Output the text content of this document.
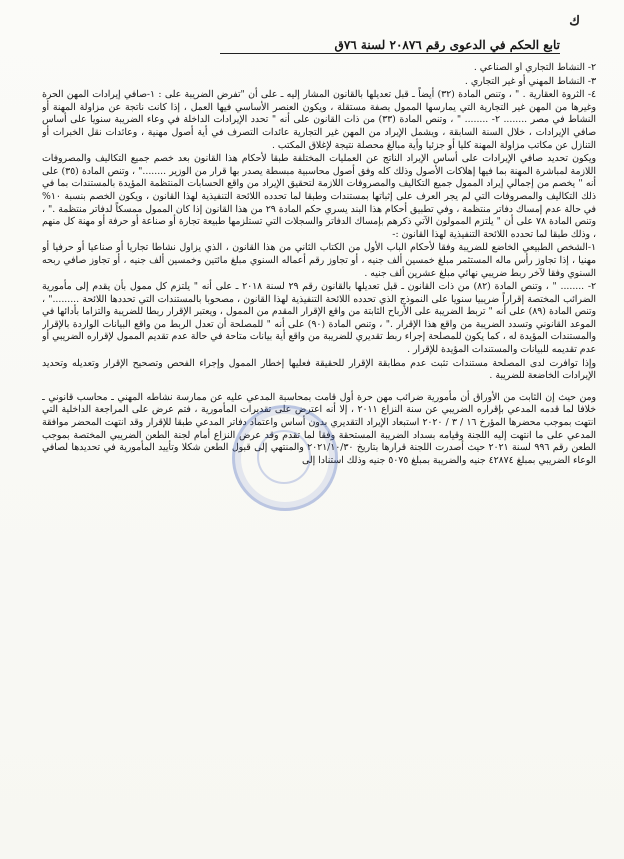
ﻙ
تابع الحكم في الدعوى رقم ٢٠٨٧٦ لسنة ٧٦ق

٢- النشاط التجاري أو الصناعي .

٣- النشاط المهني أو غير التجاري .

٤- الثروة العقارية . " ، وتنص المادة (٣٢) أيضاً ـ قبل تعديلها بالقانون المشار إليه ـ على أن "تفرض الضريبة على : ١-صافي إيرادات المهن الحرة وغيرها من المهن غير التجارية التي يمارسها الممول بصفة مستقلة ، ويكون العنصر الأساسي فيها العمل ، إذا كانت ناتجة عن مزاولة المهنة أو النشاط في مصر ........ ٢- ........ " ، وتنص المادة (٣٣) من ذات القانون على أنه " تحدد الإيرادات الداخلة في وعاء الضريبة سنويا على أساس صافي الإيرادات ، خلال السنة السابقة ، ويشمل الإيراد من المهن غير التجارية عائدات التصرف في أية أصول مهنية ، وعائدات نقل الخبرات أو التنازل عن مكاتب مزاولة المهنة كليا أو جزئيا وأية مبالغ محصلة نتيجة لإغلاق المكتب .

ويكون تحديد صافي الإيرادات على أساس الإيراد الناتج عن العمليات المختلفة طبقا لأحكام هذا القانون بعد خصم جميع التكاليف والمصروفات اللازمة لمباشرة المهنة بما فيها إهلاكات الأصول وذلك كله وفق أصول محاسبية مبسطة يصدر بها قرار من الوزير ........" ، وتنص المادة (٣٥) على أنه " يخصم من إجمالي إيراد الممول جميع التكاليف والمصروفات اللازمة لتحقيق الإيراد من واقع الحسابات المنتظمة المؤيدة بالمستندات بما في ذلك التكاليف والمصروفات التي لم يجر العرف على إثباتها بمستندات وطبقا لما تحدده اللائحة التنفيذية لهذا القانون ، ويكون الخصم بنسبة ١٠% في حالة عدم إمساك دفاتر منتظمة ، وفي تطبيق أحكام هذا البند يسري حكم المادة ٢٩ من هذا القانون إذا كان الممول ممسكاً لدفاتر منتظمة ." ، وتنص المادة ٧٨ على أن " يلتزم الممولون الآتي ذكرهم بإمساك الدفاتر والسجلات التي تستلزمها طبيعة تجارة أو صناعة أو حرفة أو مهنة كل منهم ، وذلك طبقا لما تحدده اللائحة التنفيذية لهذا القانون :-

١-الشخص الطبيعي الخاضع للضريبة وفقا لأحكام الباب الأول من الكتاب الثاني من هذا القانون ، الذي يزاول نشاطا تجاريا أو صناعيا أو حرفيا أو مهنيا ، إذا تجاوز رأس ماله المستثمر مبلغ خمسين ألف جنيه ، أو تجاوز رقم أعماله السنوي مبلغ مائتين وخمسين ألف جنيه ، أو تجاوز صافي ربحه السنوي وفقا لآخر ربط ضريبي نهائي مبلغ عشرين ألف جنيه .

٢- ........ " ، وتنص المادة (٨٢) من ذات القانون ـ قبل تعديلها بالقانون رقم ٢٩ لسنة ٢٠١٨ ـ على أنه " يلتزم كل ممول بأن يقدم إلى مأمورية الضرائب المختصة إقراراً ضريبيا سنويا على النموذج الذي تحدده اللائحة التنفيذية لهذا القانون ، مصحوبا بالمستندات التي تحددها اللائحة ........." ، وتنص المادة (٨٩) على أنه " تربط الضريبة على الأرباح الثابتة من واقع الإقرار المقدم من الممول ، ويعتبر الإقرار ربطا للضريبة والتزاما بأدائها في الموعد القانوني وتسدد الضريبة من واقع هذا الإقرار ." ، وتنص المادة (٩٠) على أنه " للمصلحة أن تعدل الربط من واقع البيانات الواردة بالإقرار والمستندات المؤيدة له ، كما يكون للمصلحة إجراء ربط تقديري للضريبة من واقع أية بيانات متاحة في حالة عدم تقديم الممول لإقراره الضريبي أو عدم تقديمه للبيانات والمستندات المؤيدة للإقرار .

وإذا توافرت لدى المصلحة مستندات تثبت عدم مطابقة الإقرار للحقيقة فعليها إخطار الممول وإجراء الفحص وتصحيح الإقرار وتعديله وتحديد الإيرادات الخاضعة للضريبة .

ومن حيث إن الثابت من الأوراق أن مأمورية ضرائب مهن حرة أول قامت بمحاسبة المدعي عليه عن ممارسة نشاطه المهني ـ محاسب قانوني ـ خلافا لما قدمه المدعي بإقراره الضريبي عن سنة النزاع ٢٠١١ ، إلا أنه اعترض على تقديرات المأمورية ، فتم عرض على المراجعة الداخلية التي انتهت بموجب محضرها المؤرخ ١٦ / ٣ / ٢٠٢٠ استبعاد الإيراد التقديري بدون أساس واعتماد دفاتر المدعي طبقا للإقرار وقد انتهت المحضر موافقة المدعي على ما انتهت إليه اللجنة وقيامه بسداد الضريبة المستحقة وفقا لما تقدم وقد عرض النزاع أمام لجنة الطعن الضريبي المختصة بموجب الطعن رقم ٩٩٦ لسنة ٢٠٢١ حيث أصدرت اللجنة قرارها بتاريخ ٢٠٢١/١٠/٣٠ والمنتهي إلى قبول الطعن شكلا وتأييد المأمورية في تحديدها لصافي الوعاء الضريبي بمبلغ ٤٢٨٧٤ جنيه والضريبة بمبلغ ٥٠٧٥ جنيه وذلك استنادا إلى
